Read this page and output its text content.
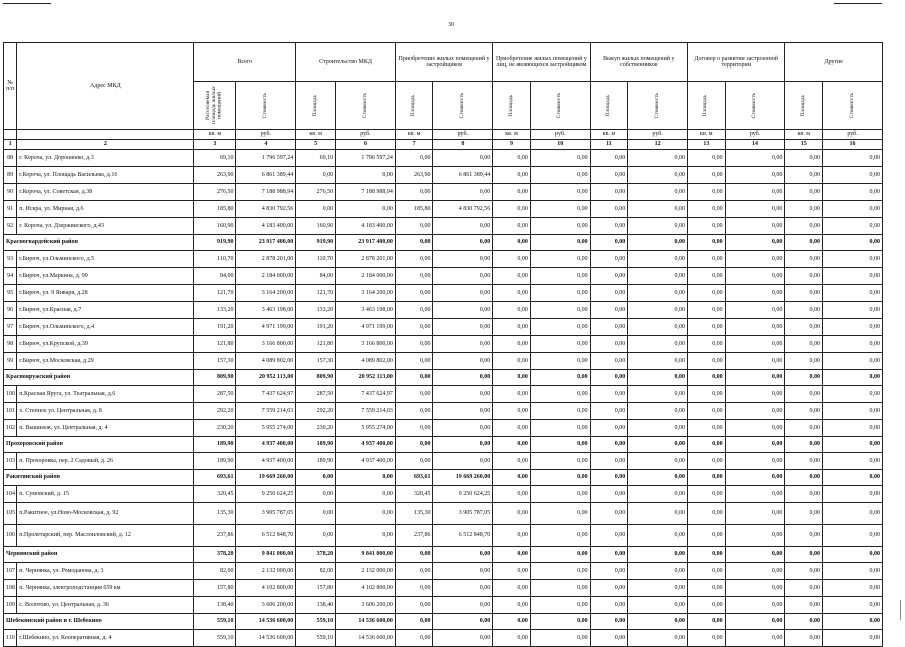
30
№ п/п	Адрес МКД	Всего		Строительство МКД		Приобретение жилых помещений у застройщиков		Приобретение жилых помещений у лиц, не являющихся застройщиком		Выкуп жилых помещений у собственников		Договор о развитии застроенной территории		Другие	

		Расселяемая площадь жилых помещений	Стоимость	Площадь	Стоимость	Площадь	Стоимость	Площадь	Стоимость	Площадь	Стоимость	Площадь	Стоимость	Площадь	Стоимость

		кв. м	руб.	кв. м	руб.	кв. м	руб.	кв. м	руб.	кв. м	руб.	кв. м	руб.	кв. м	руб.
1	2	3	4	5	6	7	8	9	10	11	12	13	14	15	16
88	г. Короча, ул. Дорошенко, д.3	69,10	1 796 597,24	69,10	1 796 597,24	0,00	0,00	0,00	0,00	0,00	0,00	0,00	0,00	0,00	0,00
89	г.Короча, ул. Площадь Васильева, д.16	263,90	6 861 389,44	0,00	0,00	263,90	6 861 389,44	0,00	0,00	0,00	0,00	0,00	0,00	0,00	0,00
90	г.Короча, ул. Советская, д.38	276,50	7 188 988,94	276,50	7 188 988,94	0,00	0,00	0,00	0,00	0,00	0,00	0,00	0,00	0,00	0,00
91	п. Искра, ул. Мирная, д.6	185,80	4 830 792,56	0,00	0,00	185,80	4 830 792,56	0,00	0,00	0,00	0,00	0,00	0,00	0,00	0,00
92	г. Короча, ул. Дзержинского, д.43	160,90	4 183 400,00	160,90	4 183 400,00	0,00	0,00	0,00	0,00	0,00	0,00	0,00	0,00	0,00	0,00
Красногвардейский район		919,90	23 917 400,00	919,90	23 917 400,00	0,00	0,00	0,00	0,00	0,00	0,00	0,00	0,00	0,00	0,00
93	г.Бирюч, ул.Ольминского, д.5	110,70	2 878 201,00	110,70	2 878 201,00	0,00	0,00	0,00	0,00	0,00	0,00	0,00	0,00	0,00	0,00
94	г.Бирюч, ул.Маркина, д. 99	84,00	2 184 000,00	84,00	2 184 000,00	0,00	0,00	0,00	0,00	0,00	0,00	0,00	0,00	0,00	0,00
95	г.Бирюч, ул. 9 Января, д.28	121,70	3 164 200,00	121,70	3 164 200,00	0,00	0,00	0,00	0,00	0,00	0,00	0,00	0,00	0,00	0,00
96	г.Бирюч, ул.Красная, д.7	133,20	3 463 198,00	133,20	3 463 198,00	0,00	0,00	0,00	0,00	0,00	0,00	0,00	0,00	0,00	0,00
97	г.Бирюч, ул.Ольминского, д.4	191,20	4 971 199,00	191,20	4 971 199,00	0,00	0,00	0,00	0,00	0,00	0,00	0,00	0,00	0,00	0,00
98	г.Бирюч, ул.Крупской, д.39	121,80	3 166 800,00	121,80	3 166 800,00	0,00	0,00	0,00	0,00	0,00	0,00	0,00	0,00	0,00	0,00
99	г.Бирюч, ул.Московская, д.29	157,30	4 089 802,00	157,30	4 089 802,00	0,00	0,00	0,00	0,00	0,00	0,00	0,00	0,00	0,00	0,00
Краснояружский район		809,90	20 952 113,00	809,90	20 952 113,00	0,00	0,00	0,00	0,00	0,00	0,00	0,00	0,00	0,00	0,00
100	п.Красная Яруга, ул. Театральная, д.6	287,50	7 437 624,97	287,50	7 437 624,97	0,00	0,00	0,00	0,00	0,00	0,00	0,00	0,00	0,00	0,00
101	х. Степное ул. Центральная, д. 8	292,20	7 559 214,03	292,20	7 559 214,03	0,00	0,00	0,00	0,00	0,00	0,00	0,00	0,00	0,00	0,00
102	п. Вышнееж, ул. Центральная, д. 4	230,20	5 955 274,00	230,20	5 955 274,00	0,00	0,00	0,00	0,00	0,00	0,00	0,00	0,00	0,00	0,00
Прохоровский район		189,90	4 937 400,00	189,90	4 937 400,00	0,00	0,00	0,00	0,00	0,00	0,00	0,00	0,00	0,00	0,00
103	п. Прохоровка, пер. 2 Садовый, д. 26	189,90	4 937 400,00	189,90	4 937 400,00	0,00	0,00	0,00	0,00	0,00	0,00	0,00	0,00	0,00	0,00
Ракитянский район		693,61	19 669 260,00	0,00	0,00	693,61	19 669 260,00	0,00	0,00	0,00	0,00	0,00	0,00	0,00	0,00
104	п. Сумовский, д. 15	320,45	9 250 624,25	0,00	0,00	320,45	9 250 624,25	0,00	0,00	0,00	0,00	0,00	0,00	0,00	0,00
105	п.Ракитное, ул.Ново-Московская, д. 92	135,30	3 905 787,05	0,00	0,00	135,30	3 905 787,05	0,00	0,00	0,00	0,00	0,00	0,00	0,00	0,00
106	п.Пролетарский, пер. Маслоиловский, д. 12	237,86	6 512 848,70	0,00	0,00	237,86	6 512 848,70	0,00	0,00	0,00	0,00	0,00	0,00	0,00	0,00
Чернянский район		378,20	9 841 000,00	378,20	9 841 000,00	0,00	0,00	0,00	0,00	0,00	0,00	0,00	0,00	0,00	0,00
107	п. Чернянка, ул. Ромоданова, д. 3	82,00	2 132 000,00	82,00	2 132 000,00	0,00	0,00	0,00	0,00	0,00	0,00	0,00	0,00	0,00	0,00
108	п. Чернянка, электроподстанция 659 км	157,80	4 102 800,00	157,80	4 102 800,00	0,00	0,00	0,00	0,00	0,00	0,00	0,00	0,00	0,00	0,00
109	с. Волотово, ул. Центральная, д. 36	138,40	3 606 200,00	138,40	3 606 200,00	0,00	0,00	0,00	0,00	0,00	0,00	0,00	0,00	0,00	0,00
Шебекинский район и г. Шебекино		559,10	14 536 600,00	559,10	14 536 600,00	0,00	0,00	0,00	0,00	0,00	0,00	0,00	0,00	0,00	0,00
110	г.Шебекино, ул. Кооперативная, д. 4	559,10	14 536 600,00	559,10	14 536 600,00	0,00	0,00	0,00	0,00	0,00	0,00	0,00	0,00	0,00	0,00
